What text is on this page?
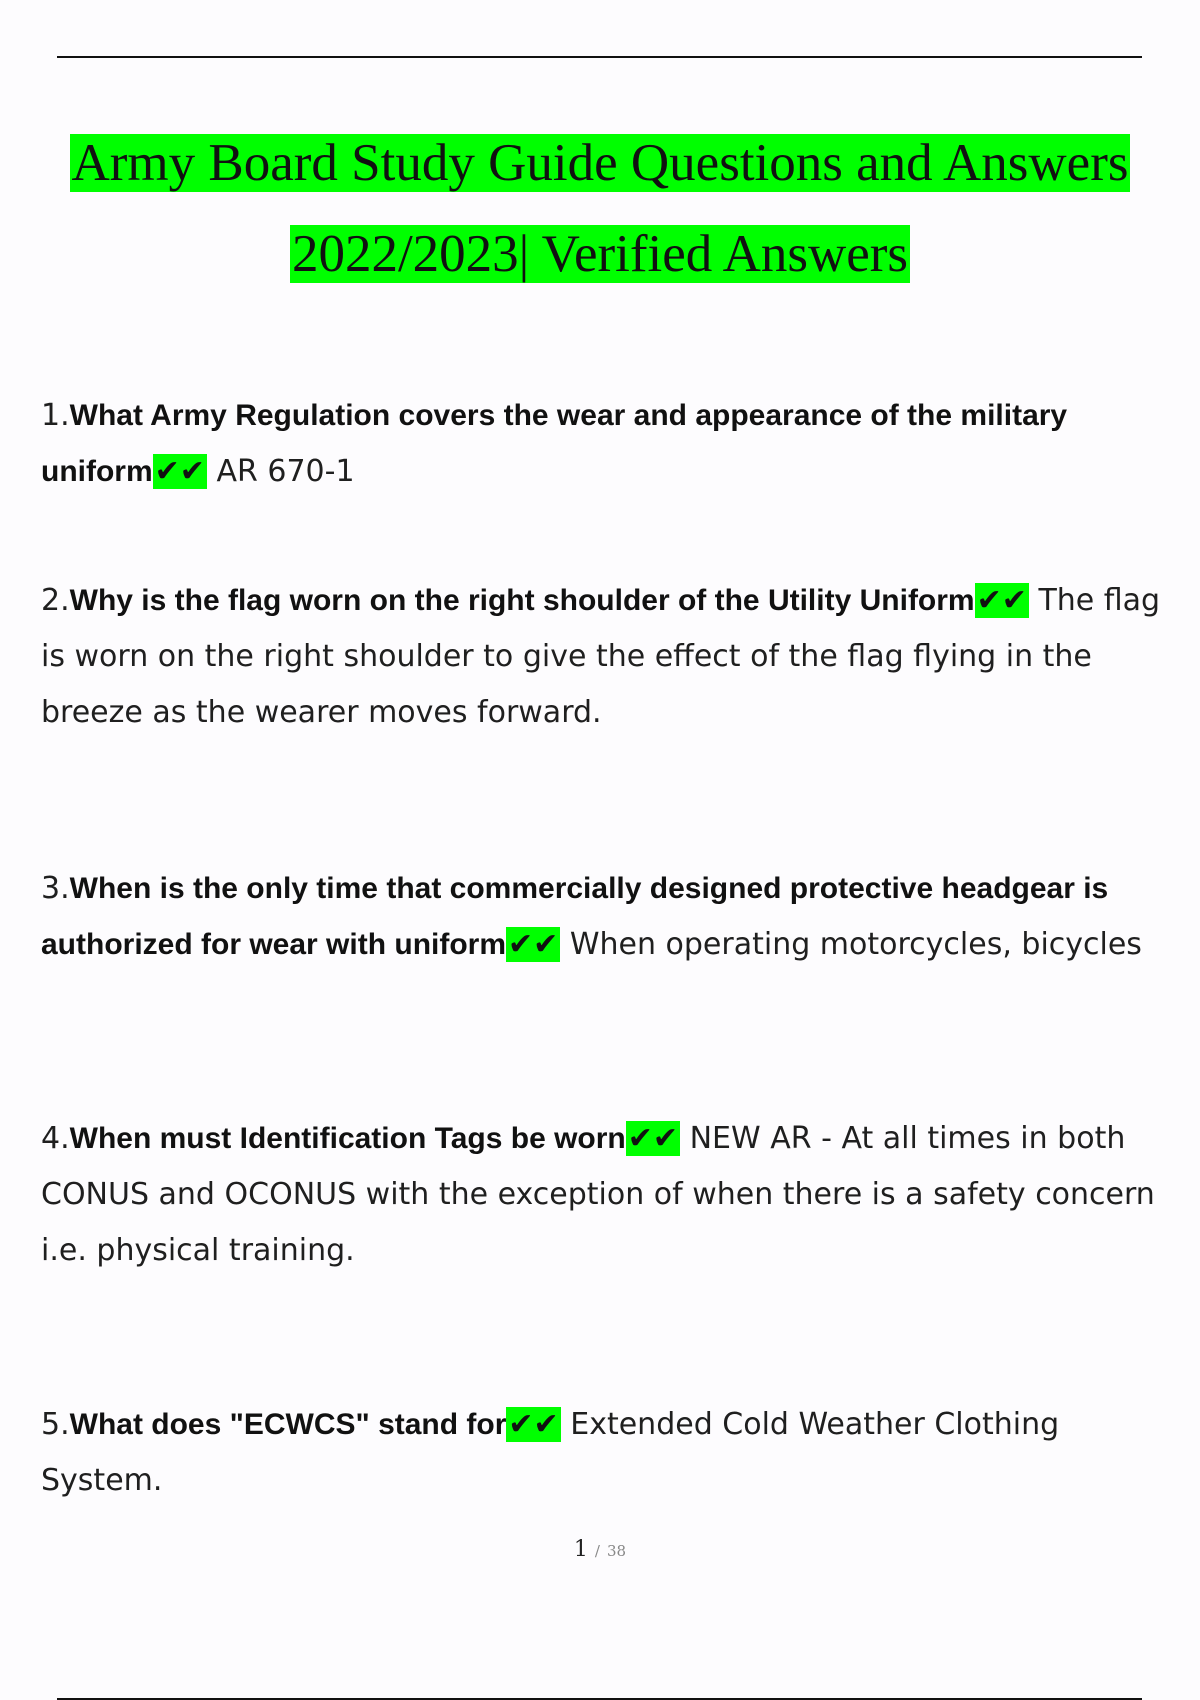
Army Board Study Guide Questions and Answers
2022/2023| Verified Answers
1.What Army Regulation covers the wear and appearance of the military uniform✔✔ AR 670-1
2.Why is the flag worn on the right shoulder of the Utility Uniform✔✔ The flag is worn on the right shoulder to give the effect of the flag flying in the breeze as the wearer moves forward.
3.When is the only time that commercially designed protective headgear is authorized for wear with uniform✔✔ When operating motorcycles, bicycles
4.When must Identification Tags be worn✔✔ NEW AR - At all times in both CONUS and OCONUS with the exception of when there is a safety concern i.e. physical training.
5.What does "ECWCS" stand for✔✔ Extended Cold Weather Clothing System.
1 / 38
